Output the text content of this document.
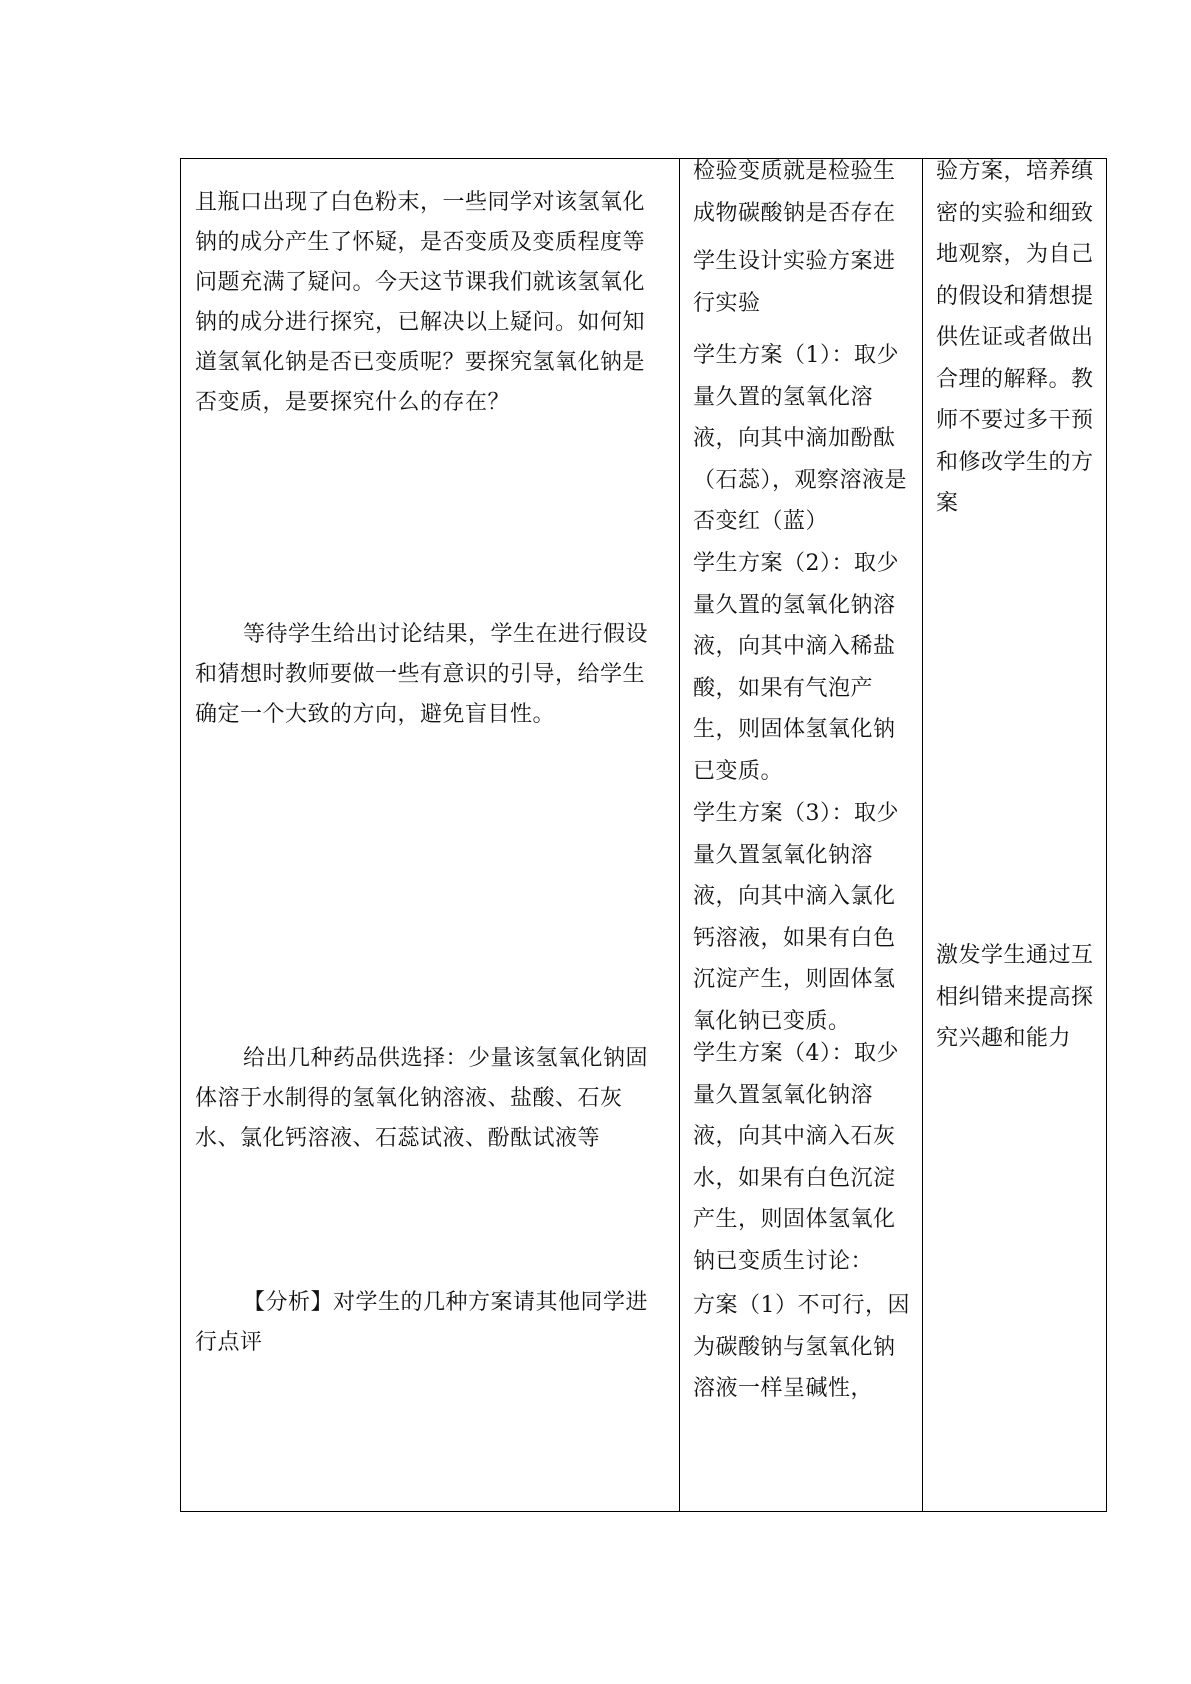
且瓶口出现了白色粉末，一些同学对该氢氧化钠的成分产生了怀疑，是否变质及变质程度等问题充满了疑问。今天这节课我们就该氢氧化钠的成分进行探究，已解决以上疑问。如何知道氢氧化钠是否已变质呢？要探究氢氧化钠是否变质，是要探究什么的存在？

等待学生给出讨论结果，学生在进行假设和猜想时教师要做一些有意识的引导，给学生确定一个大致的方向，避免盲目性。

给出几种药品供选择：少量该氢氧化钠固体溶于水制得的氢氧化钠溶液、盐酸、石灰水、氯化钙溶液、石蕊试液、酚酞试液等

【分析】对学生的几种方案请其他同学进行点评

检验变质就是检验生成物碳酸钠是否存在

学生设计实验方案进行实验

学生方案（1）：取少量久置的氢氧化溶液，向其中滴加酚酞（石蕊），观察溶液是否变红（蓝）

学生方案（2）：取少量久置的氢氧化钠溶液，向其中滴入稀盐酸，如果有气泡产生，则固体氢氧化钠已变质。

学生方案（3）：取少量久置氢氧化钠溶液，向其中滴入氯化钙溶液，如果有白色沉淀产生，则固体氢氧化钠已变质。

学生方案（4）：取少量久置氢氧化钠溶液，向其中滴入石灰水，如果有白色沉淀产生，则固体氢氧化钠已变质生讨论：

方案（1）不可行，因为碳酸钠与氢氧化钠溶液一样呈碱性，

验方案，培养缜密的实验和细致地观察，为自己的假设和猜想提供佐证或者做出合理的解释。教师不要过多干预和修改学生的方案

激发学生通过互相纠错来提高探究兴趣和能力
